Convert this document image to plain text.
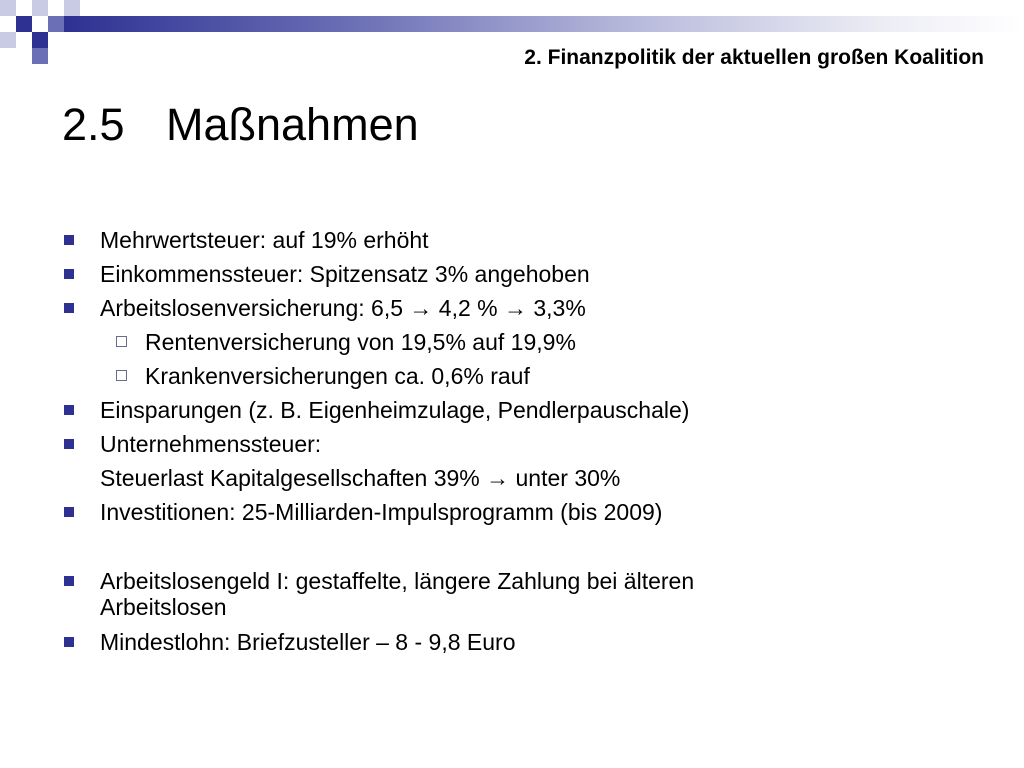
2. Finanzpolitik der aktuellen großen Koalition
2.5 Maßnahmen
Mehrwertsteuer: auf 19% erhöht
Einkommenssteuer: Spitzensatz 3% angehoben
Arbeitslosenversicherung: 6,5 → 4,2 % → 3,3%
Rentenversicherung von 19,5% auf 19,9%
Krankenversicherungen ca. 0,6% rauf
Einsparungen (z. B. Eigenheimzulage, Pendlerpauschale)
Unternehmenssteuer:
Steuerlast Kapitalgesellschaften 39% → unter 30%
Investitionen: 25-Milliarden-Impulsprogramm (bis 2009)
Arbeitslosengeld I: gestaffelte, längere Zahlung bei älteren
Arbeitslosen
Mindestlohn: Briefzusteller – 8 - 9,8 Euro
